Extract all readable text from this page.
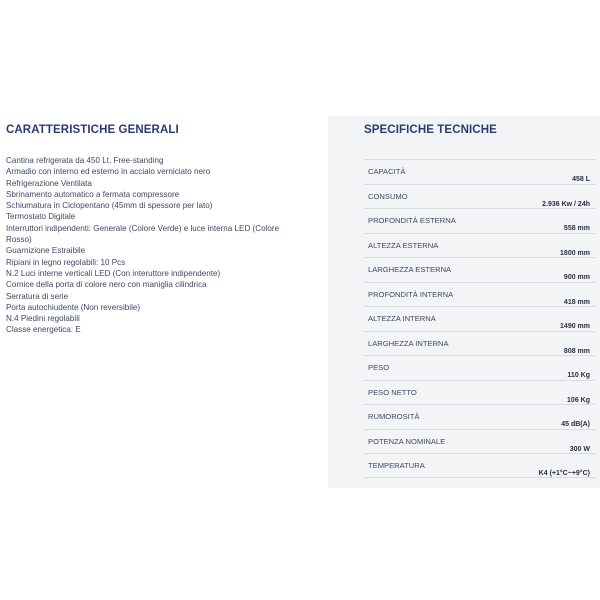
CARATTERISTICHE GENERALI
Cantina refrigerata da 450 Lt. Free-standing
Armadio con interno ed esterno in acciaio verniciato nero
Refrigerazione Ventilata
Sbrinamento automatico a fermata compressore
Schiumatura in Ciclopentano (45mm di spessore per lato)
Termostato Digitale
Interruttori indipendenti: Generale (Colore Verde) e luce interna LED (Colore
Rosso)
Guarnizione Estraibile
Ripiani in legno regolabili: 10 Pcs
N.2 Luci interne verticali LED (Con interuttore indipendente)
Cornice della porta di colore nero con maniglia cilindrica
Serratura di serie
Porta autochiudente (Non reversibile)
N.4 Piedini regolabili
Classe energetica: E
SPECIFICHE TECNICHE
CAPACITÀ
458 L
CONSUMO
2.936 Kw / 24h
PROFONDITÀ ESTERNA
558 mm
ALTEZZA ESTERNA
1800 mm
LARGHEZZA ESTERNA
900 mm
PROFONDITÀ INTERNA
418 mm
ALTEZZA INTERNA
1490 mm
LARGHEZZA INTERNA
808 mm
PESO
110 Kg
PESO NETTO
106 Kg
RUMOROSITÀ
45 dB(A)
POTENZA NOMINALE
300 W
TEMPERATURA
K4 (+1°C~+9°C)
